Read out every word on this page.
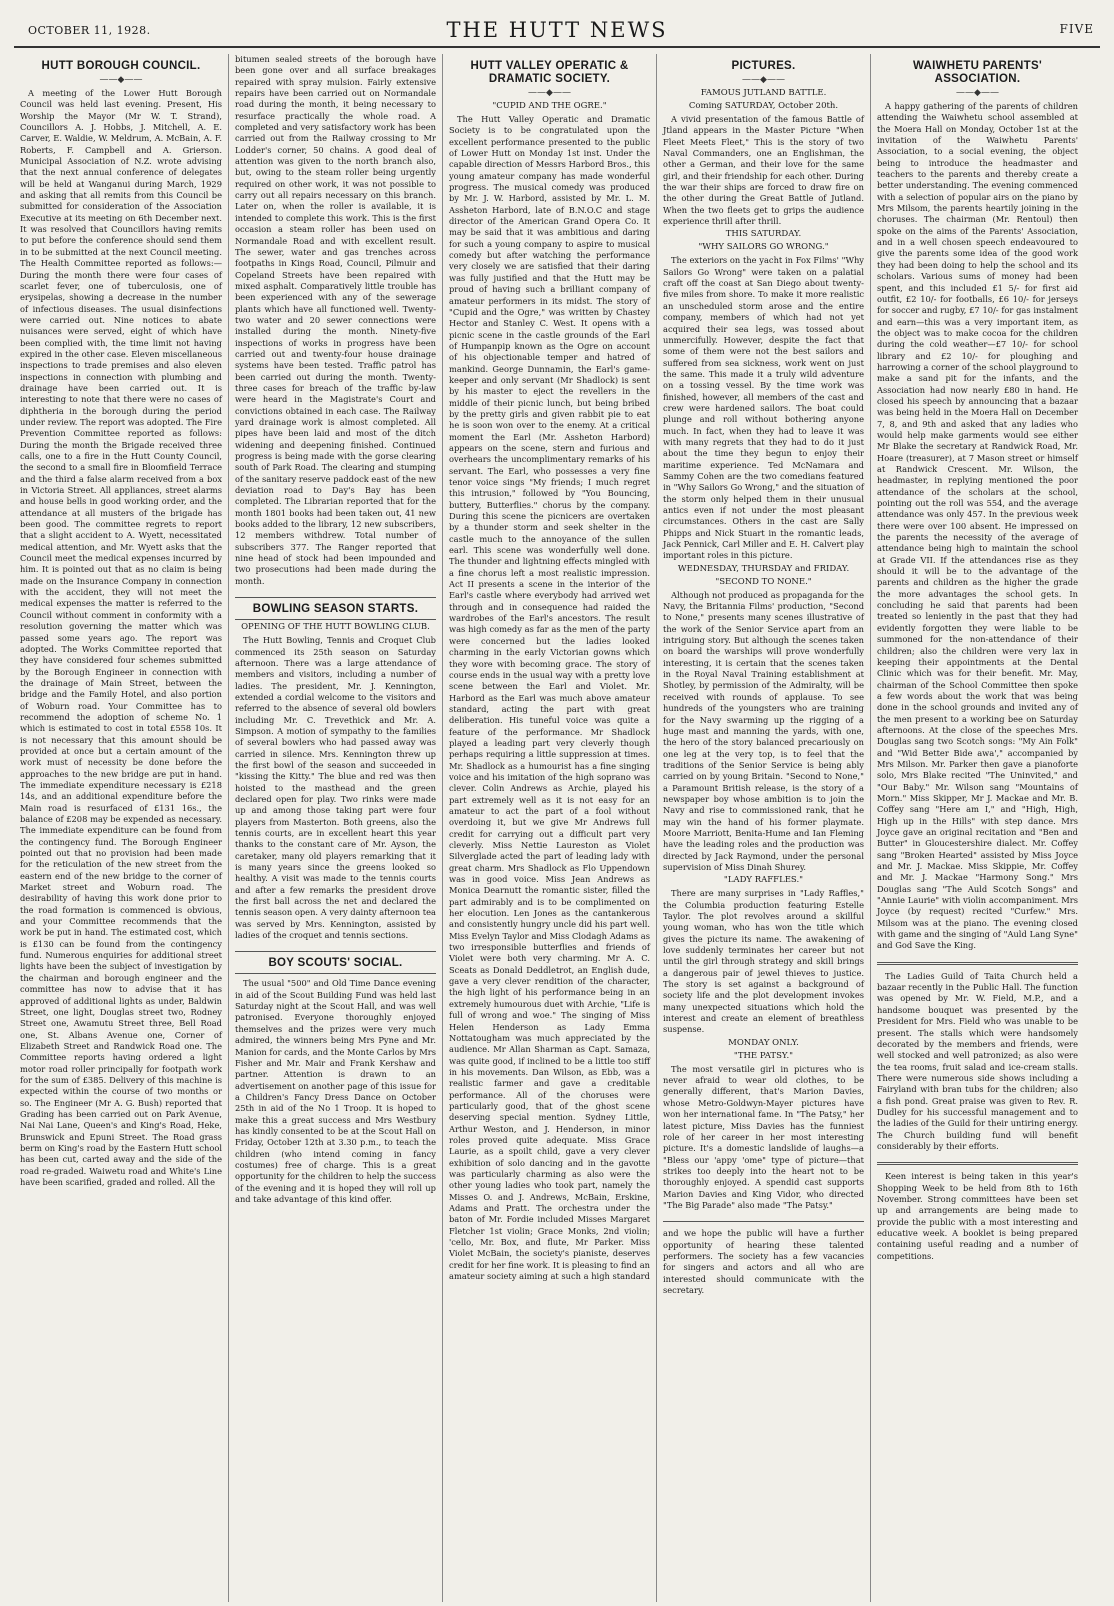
OCTOBER 11, 1928.	THE HUTT NEWS	FIVE
HUTT BOROUGH COUNCIL.
——◆——

A meeting of the Lower Hutt Borough Council was held last evening. Present, His Worship the Mayor (Mr W. T. Strand), Councillors A. J. Hobbs, J. Mitchell, A. E. Carver, E. Waldie, W. Meldrum, A. McBain, A. F. Roberts, F. Campbell and A. Grierson. Municipal Association of N.Z. wrote advising that the next annual conference of delegates will be held at Wanganui during March, 1929 and asking that all remits from this Council be submitted for consideration of the Association Executive at its meeting on 6th December next. It was resolved that Councillors having remits to put before the conference should send them in to be submitted at the next Council meeting. The Health Committee reported as follows:—During the month there were four cases of scarlet fever, one of tuberculosis, one of erysipelas, showing a decrease in the number of infectious diseases. The usual disinfections were carried out. Nine notices to abate nuisances were served, eight of which have been complied with, the time limit not having expired in the other case. Eleven miscellaneous inspections to trade premises and also eleven inspections in connection with plumbing and drainage have been carried out. It is interesting to note that there were no cases of diphtheria in the borough during the period under review. The report was adopted. The Fire Prevention Committee reported as follows: During the month the Brigade received three calls, one to a fire in the Hutt County Council, the second to a small fire in Bloomfield Terrace and the third a false alarm received from a box in Victoria Street. All appliances, street alarms and house bells in good working order, and the attendance at all musters of the brigade has been good. The committee regrets to report that a slight accident to A. Wyett, necessitated medical attention, and Mr. Wyett asks that the Council meet the medical expenses incurred by him. It is pointed out that as no claim is being made on the Insurance Company in connection with the accident, they will not meet the medical expenses the matter is referred to the Council without comment in conformity with a resolution governing the matter which was passed some years ago. The report was adopted. The Works Committee reported that they have considered four schemes submitted by the Borough Engineer in connection with the drainage of Main Street, between the bridge and the Family Hotel, and also portion of Woburn road. Your Committee has to recommend the adoption of scheme No. 1 which is estimated to cost in total £558 10s. It is not necessary that this amount should be provided at once but a certain amount of the work must of necessity be done before the approaches to the new bridge are put in hand. The immediate expenditure necessary is £218 14s, and an additional expenditure before the Main road is resurfaced of £131 16s., the balance of £208 may be expended as necessary. The immediate expenditure can be found from the contingency fund. The Borough Engineer pointed out that no provision had been made for the reticulation of the new street from the eastern end of the new bridge to the corner of Market street and Woburn road. The desirability of having this work done prior to the road formation is commenced is obvious, and your Committee recommends that the work be put in hand. The estimated cost, which is £130 can be found from the contingency fund. Numerous enquiries for additional street lights have been the subject of investigation by the chairman and borough engineer and the committee has now to advise that it has approved of additional lights as under, Baldwin Street, one light, Douglas street two, Rodney Street one, Awamutu Street three, Bell Road one, St. Albans Avenue one, Corner of Elizabeth Street and Randwick Road one. The Committee reports having ordered a light motor road roller principally for footpath work for the sum of £385. Delivery of this machine is expected within the course of two months or so. The Engineer (Mr A. G. Bush) reported that Grading has been carried out on Park Avenue, Nai Nai Lane, Queen's and King's Road, Heke, Brunswick and Epuni Street. The Road grass berm on King's road by the Eastern Hutt school has been cut, carted away and the side of the road re-graded. Waiwetu road and White's Line have been scarified, graded and rolled. All the

bitumen sealed streets of the borough have been gone over and all surface breakages repaired with spray mulsion. Fairly extensive repairs have been carried out on Normandale road during the month, it being necessary to resurface practically the whole road. A completed and very satisfactory work has been carried out from the Railway crossing to Mr Lodder's corner, 50 chains. A good deal of attention was given to the north branch also, but, owing to the steam roller being urgently required on other work, it was not possible to carry out all repairs necessary on this branch. Later on, when the roller is available, it is intended to complete this work. This is the first occasion a steam roller has been used on Normandale Road and with excellent result. The sewer, water and gas trenches across footpaths in Kings Road, Council, Pilmuir and Copeland Streets have been repaired with mixed asphalt. Comparatively little trouble has been experienced with any of the sewerage plants which have all functioned well. Twenty-two water and 20 sewer connections were installed during the month. Ninety-five inspections of works in progress have been carried out and twenty-four house drainage systems have been tested. Traffic patrol has been carried out during the month. Twenty-three cases for breach of the traffic by-law were heard in the Magistrate's Court and convictions obtained in each case. The Railway yard drainage work is almost completed. All pipes have been laid and most of the ditch widening and deepening finished. Continued progress is being made with the gorse clearing south of Park Road. The clearing and stumping of the sanitary reserve paddock east of the new deviation road to Day's Bay has been completed. The Librarian reported that for the month 1801 books had been taken out, 41 new books added to the library, 12 new subscribers, 12 members withdrew. Total number of subscribers 377. The Ranger reported that nine head of stock had been impounded and two prosecutions had been made during the month.

BOWLING SEASON STARTS.
OPENING OF THE HUTT BOWLING CLUB.

The Hutt Bowling, Tennis and Croquet Club commenced its 25th season on Saturday afternoon. There was a large attendance of members and visitors, including a number of ladies. The president, Mr. J. Kennington, extended a cordial welcome to the visitors and referred to the absence of several old bowlers including Mr. C. Trevethick and Mr. A. Simpson. A motion of sympathy to the families of several bowlers who had passed away was carried in silence. Mrs. Kennington threw up the first bowl of the season and succeeded in "kissing the Kitty." The blue and red was then hoisted to the masthead and the green declared open for play. Two rinks were made up and among those taking part were four players from Masterton. Both greens, also the tennis courts, are in excellent heart this year thanks to the constant care of Mr. Ayson, the caretaker, many old players remarking that it is many years since the greens looked so healthy. A visit was made to the tennis courts and after a few remarks the president drove the first ball across the net and declared the tennis season open. A very dainty afternoon tea was served by Mrs. Kennington, assisted by ladies of the croquet and tennis sections.

BOY SCOUTS' SOCIAL.

The usual "500" and Old Time Dance evening in aid of the Scout Building Fund was held last Saturday night at the Scout Hall, and was well patronised. Everyone thoroughly enjoyed themselves and the prizes were very much admired, the winners being Mrs Pyne and Mr. Manion for cards, and the Monte Carlos by Mrs Fisher and Mr. Mair and Frank Kershaw and partner. Attention is drawn to an advertisement on another page of this issue for a Children's Fancy Dress Dance on October 25th in aid of the No 1 Troop. It is hoped to make this a great success and Mrs Westbury has kindly consented to be at the Scout Hall on Friday, October 12th at 3.30 p.m., to teach the children (who intend coming in fancy costumes) free of charge. This is a great opportunity for the children to help the success of the evening and it is hoped they will roll up and take advantage of this kind offer.

HUTT VALLEY OPERATIC & DRAMATIC SOCIETY.
——◆——
"CUPID AND THE OGRE."

The Hutt Valley Operatic and Dramatic Society is to be congratulated upon the excellent performance presented to the public of Lower Hutt on Monday 1st inst. Under the capable direction of Messrs Harbord Bros., this young amateur company has made wonderful progress. The musical comedy was produced by Mr. J. W. Harbord, assisted by Mr. L. M. Assheton Harbord, late of B.N.O.C and stage director of the American Grand Opera Co. It may be said that it was ambitious and daring for such a young company to aspire to musical comedy but after watching the performance very closely we are satisfied that their daring was fully justified and that the Hutt may be proud of having such a brilliant company of amateur performers in its midst. The story of "Cupid and the Ogre," was written by Chastey Hector and Stanley C. West. It opens with a picnic scene in the castle grounds of the Earl of Humpanpip known as the Ogre on account of his objectionable temper and hatred of mankind. George Dunnamin, the Earl's game-keeper and only servant (Mr Shadlock) is sent by his master to eject the revellers in the middle of their picnic lunch, but being bribed by the pretty girls and given rabbit pie to eat he is soon won over to the enemy. At a critical moment the Earl (Mr. Assheton Harbord) appears on the scene, stern and furious and overhears the uncomplimentary remarks of his servant. The Earl, who possesses a very fine tenor voice sings "My friends; I much regret this intrusion," followed by "You Bouncing, buttery, Butterflies." chorus by the company. During this scene the picnicers are overtaken by a thunder storm and seek shelter in the castle much to the annoyance of the sullen earl. This scene was wonderfully well done. The thunder and lightning effects mingled with a fine chorus left a most realistic impression. Act II presents a scene in the interior of the Earl's castle where everybody had arrived wet through and in consequence had raided the wardrobes of the Earl's ancestors. The result was high comedy as far as the men of the party were concerned but the ladies looked charming in the early Victorian gowns which they wore with becoming grace. The story of course ends in the usual way with a pretty love scene between the Earl and Violet. Mr. Harbord as the Earl was much above amateur standard, acting the part with great deliberation. His tuneful voice was quite a feature of the performance. Mr Shadlock played a leading part very cleverly though perhaps requiring a little suppression at times. Mr. Shadlock as a humourist has a fine singing voice and his imitation of the high soprano was clever. Colin Andrews as Archie, played his part extremely well as it is not easy for an amateur to act the part of a fool without overdoing it, but we give Mr Andrews full credit for carrying out a difficult part very cleverly. Miss Nettie Laureston as Violet Silverglade acted the part of leading lady with great charm. Mrs Shadlock as Flo Uppendown was in good voice. Miss Jean Andrews as Monica Dearnutt the romantic sister, filled the part admirably and is to be complimented on her elocution. Len Jones as the cantankerous and consistently hungry uncle did his part well. Miss Evelyn Taylor and Miss Clodagh Adams as two irresponsible butterflies and friends of Violet were both very charming. Mr A. C. Sceats as Donald Deddletrot, an English dude, gave a very clever rendition of the character, the high light of his performance being in an extremely humourous duet with Archie, "Life is full of wrong and woe." The singing of Miss Helen Henderson as Lady Emma Nottatougham was much appreciated by the audience. Mr Allan Sharman as Capt. Samaza, was quite good, if inclined to be a little too stiff in his movements. Dan Wilson, as Ebb, was a realistic farmer and gave a creditable performance. All of the choruses were particularly good, that of the ghost scene deserving special mention. Sydney Little, Arthur Weston, and J. Henderson, in minor roles proved quite adequate. Miss Grace Laurie, as a spoilt child, gave a very clever exhibition of solo dancing and in the gavotte was particularly charming as also were the other young ladies who took part, namely the Misses O. and J. Andrews, McBain, Erskine, Adams and Pratt. The orchestra under the baton of Mr. Fordie included Misses Margaret Fletcher 1st violin; Grace Monks, 2nd violin; 'cello, Mr. Box, and flute, Mr Parker. Miss Violet McBain, the society's pianiste, deserves credit for her fine work. It is pleasing to find an amateur society aiming at such a high standard

PICTURES.
——◆——
FAMOUS JUTLAND BATTLE.
Coming SATURDAY, October 20th.

A vivid presentation of the famous Battle of Jtland appears in the Master Picture "When Fleet Meets Fleet," This is the story of two Naval Commanders, one an Englishman, the other a German, and their love for the same girl, and their friendship for each other. During the war their ships are forced to draw fire on the other during the Great Battle of Jutland. When the two fleets get to grips the audience experience thrill after thrill.

THIS SATURDAY.
"WHY SAILORS GO WRONG."

The exteriors on the yacht in Fox Films' "Why Sailors Go Wrong" were taken on a palatial craft off the coast at San Diego about twenty-five miles from shore. To make it more realistic an unscheduled storm arose and the entire company, members of which had not yet acquired their sea legs, was tossed about unmercifully. However, despite the fact that some of them were not the best sailors and suffered from sea sickness, work went on just the same. This made it a truly wild adventure on a tossing vessel. By the time work was finished, however, all members of the cast and crew were hardened sailors. The boat could plunge and roll without bothering anyone much. In fact, when they had to leave it was with many regrets that they had to do it just about the time they begun to enjoy their maritime experience. Ted McNamara and Sammy Cohen are the two comedians featured in "Why Sailors Go Wrong," and the situation of the storm only helped them in their unusual antics even if not under the most pleasant circumstances. Others in the cast are Sally Phipps and Nick Stuart in the romantic leads, Jack Pennick, Carl Miller and E. H. Calvert play important roles in this picture.

WEDNESDAY, THURSDAY and FRIDAY.
"SECOND TO NONE."

Although not produced as propaganda for the Navy, the Britannia Films' production, "Second to None," presents many scenes illustrative of the work of the Senior Service apart from an intriguing story. But although the scenes taken on board the warships will prove wonderfully interesting, it is certain that the scenes taken in the Royal Naval Training establishment at Shotley, by permission of the Admiralty, will be received with rounds of applause. To see hundreds of the youngsters who are training for the Navy swarming up the rigging of a huge mast and manning the yards, with one, the hero of the story balanced precariously on one leg at the very top, is to feel that the traditions of the Senior Service is being ably carried on by young Britain. "Second to None," a Paramount British release, is the story of a newspaper boy whose ambition is to join the Navy and rise to commissioned rank, that he may win the hand of his former playmate. Moore Marriott, Benita-Hume and Ian Fleming have the leading roles and the production was directed by Jack Raymond, under the personal supervision of Miss Dinah Shurey.

"LADY RAFFLES."

There are many surprises in "Lady Raffles," the Columbia production featuring Estelle Taylor. The plot revolves around a skillful young woman, who has won the title which gives the picture its name. The awakening of love suddenly terminates her career but not until the girl through strategy and skill brings a dangerous pair of jewel thieves to justice. The story is set against a background of society life and the plot development invokes many unexpected situations which hold the interest and create an element of breathless suspense.

MONDAY ONLY.
"THE PATSY."

The most versatile girl in pictures who is never afraid to wear old clothes, to be generally different, that's Marion Davies, whose Metro-Goldwyn-Mayer pictures have won her international fame. In "The Patsy," her latest picture, Miss Davies has the funniest role of her career in her most interesting picture. It's a domestic landslide of laughs—a "Bless our 'appy 'ome" type of picture—that strikes too deeply into the heart not to be thoroughly enjoyed. A spendid cast supports Marion Davies and King Vidor, who directed "The Big Parade" also made "The Patsy."

and we hope the public will have a further opportunity of hearing these talented performers. The society has a few vacancies for singers and actors and all who are interested should communicate with the secretary.

WAIWHETU PARENTS' ASSOCIATION.
——◆——

A happy gathering of the parents of children attending the Waiwhetu school assembled at the Moera Hall on Monday, October 1st at the invitation of the Waiwhetu Parents' Association, to a social evening, the object being to introduce the headmaster and teachers to the parents and thereby create a better understanding. The evening commenced with a selection of popular airs on the piano by Mrs Milsom, the parents heartily joining in the choruses. The chairman (Mr. Rentoul) then spoke on the aims of the Parents' Association, and in a well chosen speech endeavoured to give the parents some idea of the good work they had been doing to help the school and its scholars. Various sums of money had been spent, and this included £1 5/- for first aid outfit, £2 10/- for footballs, £6 10/- for jerseys for soccer and rugby, £7 10/- for gas instalment and earn—this was a very important item, as the object was to make cocoa for the children during the cold weather—£7 10/- for school library and £2 10/- for ploughing and harrowing a corner of the school playground to make a sand pit for the infants, and the Association had now nearly £80 in hand. He closed his speech by announcing that a bazaar was being held in the Moera Hall on December 7, 8, and 9th and asked that any ladies who would help make garments would see either Mr Blake the secretary at Randwick Road, Mr. Hoare (treasurer), at 7 Mason street or himself at Randwick Crescent. Mr. Wilson, the headmaster, in replying mentioned the poor attendance of the scholars at the school, pointing out the roll was 554, and the average attendance was only 457. In the previous week there were over 100 absent. He impressed on the parents the necessity of the average of attendance being high to maintain the school at Grade VII. If the attendances rise as they should it will be to the advantage of the parents and children as the higher the grade the more advantages the school gets. In concluding he said that parents had been treated so leniently in the past that they had evidently forgotten they were liable to be summoned for the non-attendance of their children; also the children were very lax in keeping their appointments at the Dental Clinic which was for their benefit. Mr. May, chairman of the School Committee then spoke a few words about the work that was being done in the school grounds and invited any of the men present to a working bee on Saturday afternoons. At the close of the speeches Mrs. Douglas sang two Scotch songs: "My Ain Folk" and "Wid Better Bide awa'," accompanied by Mrs Milson. Mr. Parker then gave a pianoforte solo, Mrs Blake recited "The Uninvited," and "Our Baby." Mr. Wilson sang "Mountains of Morn." Miss Skipper, Mr J. Mackae and Mr. B. Coffey sang "Here am I," and "High, High, High up in the Hills" with step dance. Mrs Joyce gave an original recitation and "Ben and Butter" in Gloucestershire dialect. Mr. Coffey sang "Broken Hearted" assisted by Miss Joyce and Mr. J. Mackae. Miss Skippie, Mr. Coffey and Mr. J. Mackae "Harmony Song." Mrs Douglas sang "The Auld Scotch Songs" and "Annie Laurie" with violin accompaniment. Mrs Joyce (by request) recited "Curfew." Mrs. Milsom was at the piano. The evening closed with game and the singing of "Auld Lang Syne" and God Save the King.

The Ladies Guild of Taita Church held a bazaar recently in the Public Hall. The function was opened by Mr. W. Field, M.P., and a handsome bouquet was presented by the President for Mrs. Field who was unable to be present. The stalls which were handsomely decorated by the members and friends, were well stocked and well patronized; as also were the tea rooms, fruit salad and ice-cream stalls. There were numerous side shows including a Fairyland with bran tubs for the children; also a fish pond. Great praise was given to Rev. R. Dudley for his successful management and to the ladies of the Guild for their untiring energy. The Church building fund will benefit considerably by their efforts.

Keen interest is being taken in this year's Shopping Week to be held from 8th to 16th November. Strong committees have been set up and arrangements are being made to provide the public with a most interesting and educative week. A booklet is being prepared containing useful reading and a number of competitions.
